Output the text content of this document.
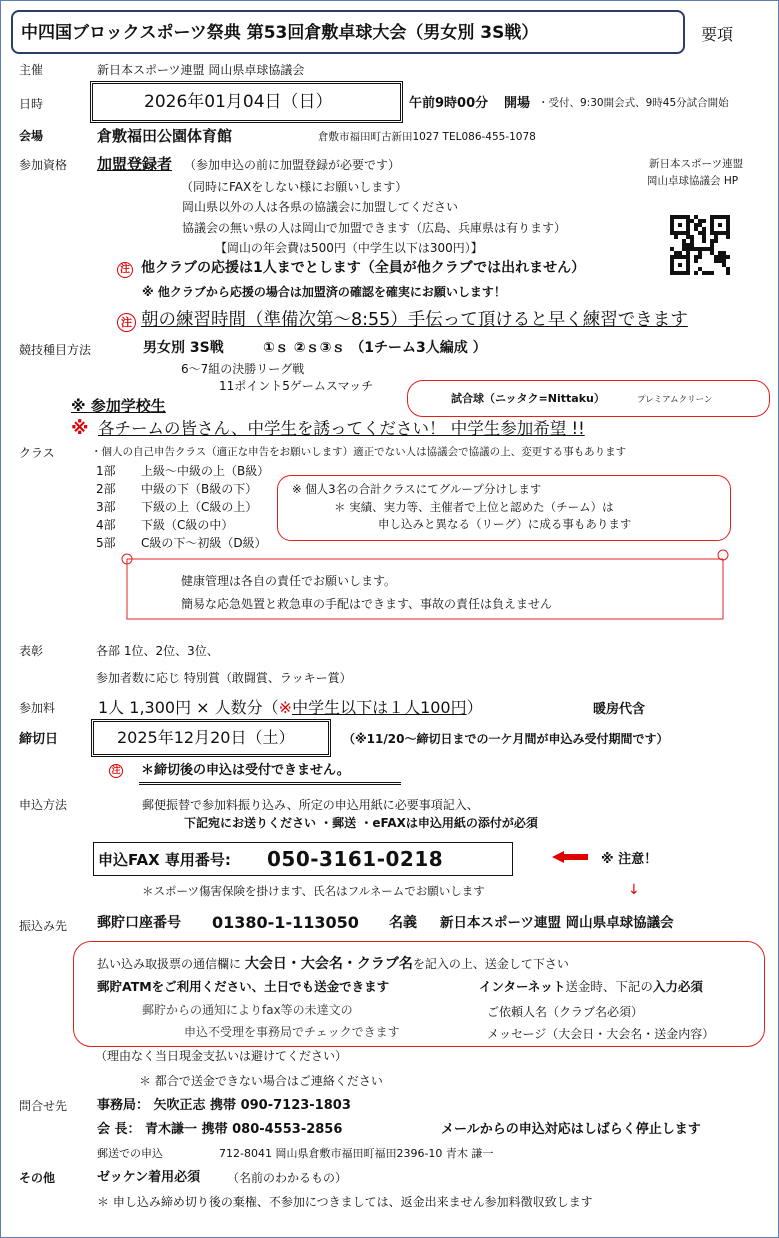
中四国ブロックスポーツ祭典 第53回倉敷卓球大会（男女別 3S戦）	要項
主催	新日本スポーツ連盟 岡山県卓球協議会
日時	2026年01月04日（日）	午前9時00分 開場 ・受付、9:30開会式、9時45分試合開始
会場	倉敷福田公園体育館	倉敷市福田町古新田1027 TEL086-455-1078
参加資格 加盟登録者 （参加申込の前に加盟登録が必要です）
（同時にFAXをしない様にお願いします）
岡山県以外の人は各県の協議会に加盟してください
協議会の無い県の人は岡山で加盟できます（広島、兵庫県は有ります）
【岡山の年会費は500円（中学生以下は300円）】
新日本スポーツ連盟
岡山卓球協議会 HP
注 他クラブの応援は1人までとします（全員が他クラブでは出れません）
※ 他クラブから応援の場合は加盟済の確認を確実にお願いします！
注 朝の練習時間（準備次第〜8:55）手伝って頂けると早く練習できます
競技種目方法	男女別 3S戦	①ｓ ②ｓ③ｓ （1チーム3人編成 ）
6〜7組の決勝リーグ戦
11ポイント5ゲームスマッチ
試合球（ニッタク=Nittaku）	プレミアムクリーン
※ 参加学校生
※ 各チームの皆さん、中学生を誘ってください！ 中学生参加希望 !!
クラス	・個人の自己申告クラス（適正な申告をお願いします）適正でない人は協議会で協議の上、変更する事もあります
1部 上級〜中級の上（B級）
2部 中級の下（B級の下）
3部 下級の上（C級の上）
4部 下級（C級の中）
5部 C級の下〜初級（D級）
※ 個人3名の合計クラスにてグループ分けします
＊ 実績、実力等、主催者で上位と認めた（チーム）は
申し込みと異なる（リーグ）に成る事もあります
健康管理は各自の責任でお願いします。
簡易な応急処置と救急車の手配はできます、事故の責任は負えません
表彰	各部 1位、2位、3位、
参加者数に応じ 特別賞（敢闘賞、ラッキー賞）
参加料	1人 1,300円 × 人数分（※中学生以下は１人100円）	暖房代含
締切日	2025年12月20日（土）	（※11/20〜締切日までの一ケ月間が申込み受付期間です）
注 ＊締切後の申込は受付できません。
申込方法	郵便振替で参加料振り込み、所定の申込用紙に必要事項記入、
下記宛にお送りください ・郵送 ・eFAXは申込用紙の添付が必須
申込FAX 専用番号: 050-3161-0218	※ 注意！
＊スポーツ傷害保険を掛けます、氏名はフルネームでお願いします	↓
振込み先 郵貯口座番号 01380-1-113050 名義 新日本スポーツ連盟 岡山県卓球協議会
払い込み取扱票の通信欄に 大会日・大会名・クラブ名を記入の上、送金して下さい
郵貯ATMをご利用ください、土日でも送金できます	インターネット送金時、下記の入力必須
郵貯からの通知によりfax等の未達文の
申込不受理を事務局でチェックできます
ご依頼人名（クラブ名必須）
メッセージ（大会日・大会名・送金内容）
（理由なく当日現金支払いは避けてください）
＊ 都合で送金できない場合はご連絡ください
問合せ先 事務局： 矢吹正志 携帯 090-7123-1803
会 長： 青木謙一 携帯 080-4553-2856	メールからの申込対応はしばらく停止します
郵送での申込	712-8041 岡山県倉敷市福田町福田2396-10 青木 謙一
その他	ゼッケン着用必須 （名前のわかるもの）
＊ 申し込み締め切り後の棄権、不参加につきましては、返金出来ません参加料徴収致します
